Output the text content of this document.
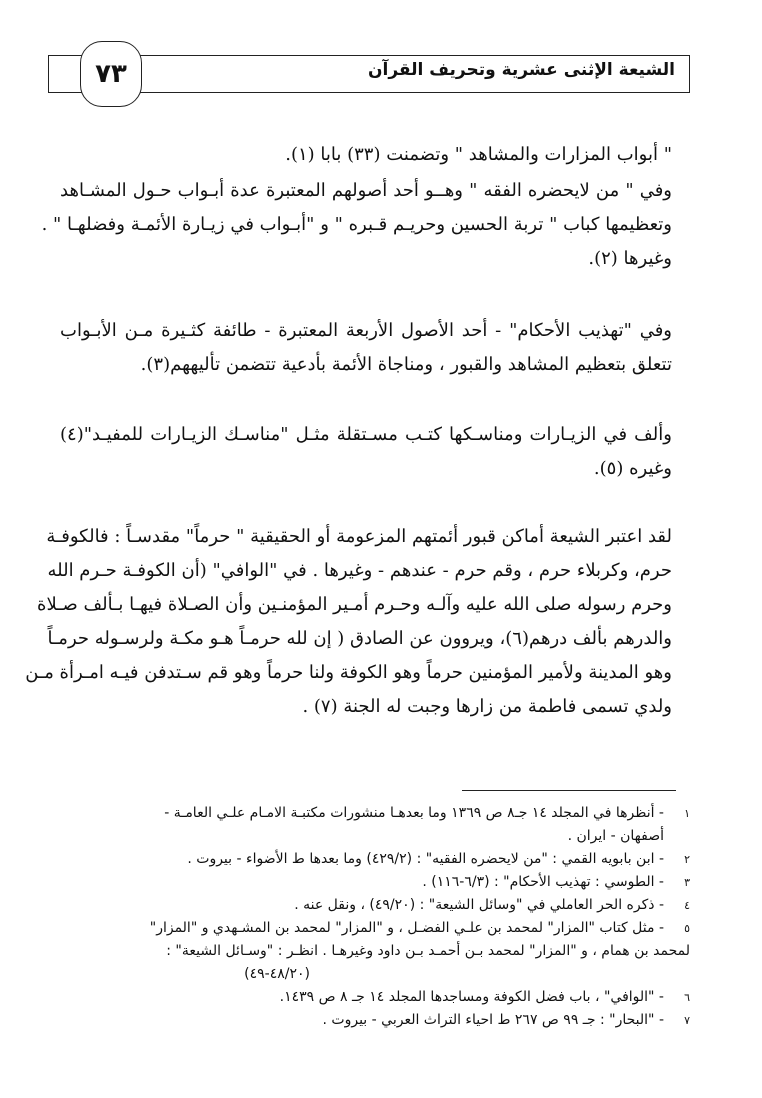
الشيعة الإثنى عشرية وتحريف القرآن
٧٣
" أبواب المزارات والمشاهد " وتضمنت (٣٣) بابا (١).
وفي " من لايحضره الفقه " وهــو أحد أصولهم المعتبرة عدة أبـواب حـول المشـاهد
وتعظيمها كباب " تربة الحسين وحريـم قـبره " و "أبـواب في زيـارة الأئمـة وفضلهـا " .
وغيرها (٢).
وفي "تهذيب الأحكام" - أحد الأصول الأربعة المعتبرة - طائفة كثـيرة مـن الأبـواب
تتعلق بتعظيم المشاهد والقبور ، ومناجاة الأئمة بأدعية تتضمن تأليههم(٣).
وألف في الزيـارات ومناسـكها كتـب مسـتقلة مثـل "مناسـك الزيـارات للمفيـد"(٤)
وغيره (٥).
لقد اعتبر الشيعة أماكن قبور أئمتهم المزعومة أو الحقيقية " حرماً" مقدسـاً : فالكوفـة
حرم، وكربلاء حرم ، وقم حرم - عندهم - وغيرها . في "الوافي" (أن الكوفـة حـرم الله
وحرم رسوله صلى الله عليه وآلـه وحـرم أمـير المؤمنـين وأن الصـلاة فيهـا بـألف صـلاة
والدرهم بألف درهم(٦)، ويروون عن الصادق ( إن لله حرمـاً هـو مكـة ولرسـوله حرمـاً
وهو المدينة ولأمير المؤمنين حرماً وهو الكوفة ولنا حرماً وهو قم سـتدفن فيـه امـرأة مـن
ولدي تسمى فاطمة من زارها وجبت له الجنة (٧) .
١- أنظرها في المجلد ١٤ جـ٨ ص ١٣٦٩ وما بعدهـا منشورات مكتبـة الامـام علـي العامـة -
أصفهان - ايران .
٢- ابن بابويه القمي : "من لايحضره الفقيه" : (٤٢٩/٢) وما بعدها ط الأضواء - بيروت .
٣- الطوسي : تهذيب الأحكام" : (٦/٣-١١٦) .
٤- ذكره الحر العاملي في "وسائل الشيعة" : (٤٩/٢٠) ، ونقل عنه .
٥- مثل كتاب "المزار" لمحمد بن علـي الفضـل ، و "المزار" لمحمد بن المشـهدي و "المزار"
لمحمد بن همام ، و "المزار" لمحمد بـن أحمـد بـن داود وغيرهـا . انظـر : "وسـائل الشيعة" :
(٤٨/٢٠-٤٩)
٦- "الوافي" ، باب فضل الكوفة ومساجدها المجلد ١٤ جـ ٨ ص ١٤٣٩.
٧- "البحار" : جـ ٩٩ ص ٢٦٧ ط احياء التراث العربي - بيروت .
